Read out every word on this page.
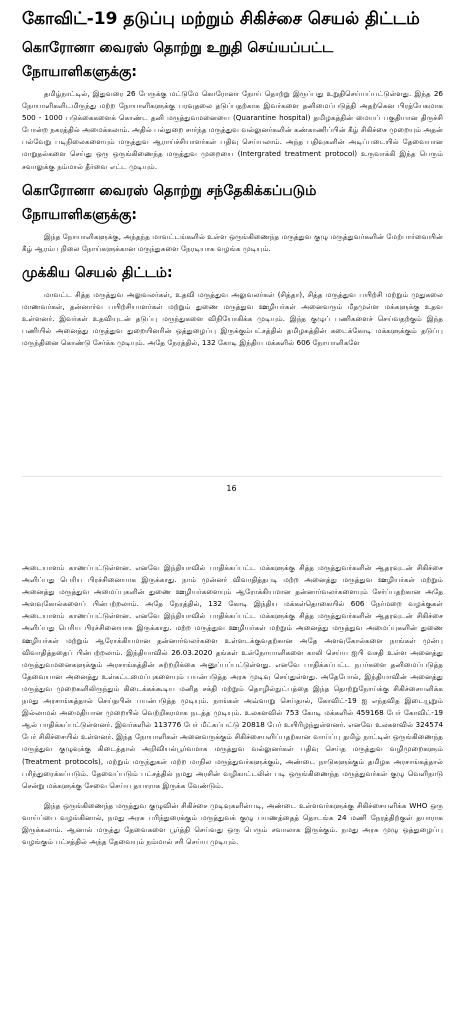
கோவிட்-19 தடுப்பு மற்றும் சிகிச்சை செயல் திட்டம்
கொரோனா வைரஸ் தொற்று உறுதி செய்யப்பட்ட
நோயாளிகளுக்கு:

தமிழ்நாட்டில், இதுவரை 26 பேருக்கு மட்டுமே கொரோனா நோய் தொற்று இருப்பது உறுதிசெய்யப்பட்டுள்ளது. இந்த 26 நோயாளிகளிடமிருந்து மற்ற நோயாளிகளுக்கு பரவுதலை தடுப்பதற்காக இவர்களை தனிமைப்படுத்தி அதற்கென பிரத்யேகமாக 500 - 1000 படுக்கைகளைக் கொண்ட தனி மருத்துவமனையை (Quarantine hospital) தமிழகத்தின் மையப் பகுதியான திருச்சி போன்ற நகரத்தில் அமைக்கலாம். அதில் பல்துறை சார்ந்த மருத்துவ வல்லுனர்களின் கண்காணிப்பின் கீழ் சிகிச்சை முறையும் அதன் பல்வேறு படிநிலைகளையும் மருத்துவ ஆராய்ச்சியாளர்கள் பதிவு செய்யலாம். அந்த பதிவுகளின் அடிப்படையில் தேவையான மாறுதல்களை செய்து ஒரு ஒருங்கிணைந்த மருத்துவ முறையை (Intergrated treatment protocol) உருவாக்கி இந்த பெரும் சவாலுக்கு நம்மால் தீர்வை எட்ட முடியும்.

கொரோனா வைரஸ் தொற்று சந்தேகிக்கப்படும்
நோயாளிகளுக்கு:

இந்த நோயாளிகளுக்கு, அந்தந்த மாவட்டங்களில் உள்ள ஒருங்கிணைந்த மருத்துவ குழு மருத்துவர்களின் மேற்பார்வையின் கீழ் ஆரம்ப நிலை நோய்களுக்கான மருந்துகளை நேரடியாக வழங்க முடியும்.

முக்கிய செயல் திட்டம்:

மாவட்ட சித்த மருத்துவ அலுவலர்கள், உதவி மருத்துவ அலுவலர்கள் (சித்தா), சித்த மருத்துவ பயிற்சி மற்றும் முதுகலை மாணவர்கள், தன்னார்வ பயிற்சியாளர்கள் மற்றும் துணை மருத்துவ ஊழியர்கள் அனைவரும் மீதமுள்ள மக்களுக்கு உதவ உள்ளனர். இவர்கள் உதவியுடன் தடுப்பு மருந்துகளை விநியோகிக்க முடியும். இந்த குழுப் பணிகளைச் செய்வதற்கும் இந்த பணியில் அனைத்து மருத்துவ துறையினரின் ஒத்துழைப்பு இருக்கும்பட்சத்தில் தமிழகத்தின் கடைக்கோடி மக்களுக்கும் தடுப்பு மருந்தினை கொண்டு சேர்க்க முடியும். அதே நேரத்தில், 132 கோடி இந்திய மக்களில் 606 நோயாளிகளே

16

அடையாளம் காணப்பட்டுள்ளன. எனவே இந்தியாவில் பாதிக்கப்பட்ட மக்களுக்கு சித்த மருத்துவர்களின் ஆதரவுடன் சிகிச்சை அளிப்பது பெரிய பிரச்சினையாக இருக்காது. நாம் முன்னர் விவாதித்தபடி மற்ற அனைத்து மருத்துவ ஊழியர்கள் மற்றும் அனைத்து மருத்துவ அமைப்புகளின் துணை ஊழியர்களையும் ஆரோக்கியமான தன்னார்வலர்களையும் சேர்ப்பதற்கான அதே அளவுகோல்களைப் பின்பற்றலாம். அதே நேரத்தில், 132 கோடி இந்திய மக்கள்தொகையில் 606 நேர்மறை வழக்குகள் அடையாளம் காணப்பட்டுள்ளன. எனவே இந்தியாவில் பாதிக்கப்பட்ட மக்களுக்கு சித்த மருத்துவர்களின் ஆதரவுடன் சிகிச்சை அளிப்பது பெரிய பிரச்சினையாக இருக்காது. மற்ற மருத்துவ ஊழியர்கள் மற்றும் அனைத்து மருத்துவ அமைப்புகளின் துணை ஊழியர்கள் மற்றும் ஆரோக்கியமான தன்னார்வலர்களை உள்ளடக்குவதற்கான அதே அளவுகோல்களை நாங்கள் முன்பு விவாதித்ததைப் பின்பற்றலாம். இந்தியாவில் 26.03.2020 தங்கள் உள்நோயாளிகளை காலி செய்ய ஐபி வசதி உள்ள அனைத்து மருத்துவமனைகளுக்கும் அரசாங்கத்தின் சுற்றறிக்கை அனுப்பப்பட்டுள்ளது. எனவே பாதிக்கப்பட்ட நபர்களை தனிமைப்படுத்த தேவையான அனைத்து உள்கட்டமைப்புகளையும் பயன்படுத்த அரசு முடிவு செய்துள்ளது. அதேபோல், இந்தியாவின் அனைத்து மருத்துவ முறைகளிலிருந்தும் கிடைக்கக்கூடிய மனித சக்தி மற்றும் தொழில்நுட்பத்தை இந்த தொற்றுநோய்க்கு சிகிச்சையளிக்க நமது அரசாங்கத்தால் செய்தபின் பயன்படுத்த முடியும். நாங்கள் அவ்வாறு செய்தால், கோவிட்-19 ஐ எந்தவித இடையூறும் இல்லாமல் அமைதியான முறையில் வெற்றிகரமாக நடத்த முடியும். உலகளவில் 753 கோடி மக்களில் 459168 பேர் கோவிட்-19 ஆல் பாதிக்கப்பட்டுள்ளனர். இவர்களில் 113776 பேர் மீட்கப்பட்டு 20818 பேர் உயிரிழந்துள்ளனர். எனவே உலகளவில் 324574 பேர் சிகிச்சையில் உள்ளனர். இந்த நோயாளிகள் அனைவருக்கும் சிகிச்சையளிப்பதற்கான வாய்ப்பு தமிழ் நாட்டின் ஒருங்கிணைந்த மருத்துவ குழுவுக்கு கிடைத்தால் அறிவியல்பூர்வமாக மருத்துவ வல்லுனர்கள் பதிவு செய்த மருத்துவ வழிமுறைகளும் (Treatment protocols), மற்றும் மருந்துகள் மற்ற மாநில மருத்துவர்களுக்கும், அண்டை நாடுகளுக்கும் தமிழக அரசாங்கத்தால் பரிந்துரைக்கப்படும். தேவைப்படும் பட்சத்தில் நமது அரசின் வழிகாட்டலின் படி ஒருங்கிணைந்த மருத்துவர்கள் குழு வெளிநாடு சென்று மக்களுக்கு சேவை செய்ய தயாராக இருக்க வேண்டும்.

இந்த ஒருங்கிணைந்த மருத்துவ குழுவின் சிகிச்சை முடிவுகளின்படி, அண்டை உள்ளவர்களுக்கு சிகிச்சையளிக்க WHO ஒரு வாய்ப்பை வழங்கினால், நமது அரசு பரிந்துரைக்கும் மருத்துவக் குழு பயணத்தைத் தொடங்க 24 மணி நேரத்திற்குள் தயாராக இருக்கலாம். ஆனால் மருத்து தேவைகளை பூர்த்தி செய்வது ஒரு பெரும் சவாலாக இருக்கும். நமது அரசு முழு ஒத்துழைப்பு வழங்கும் பட்சத்தில் அந்த தேவையும் நம்மால் சரி செய்ய முடியும்.
